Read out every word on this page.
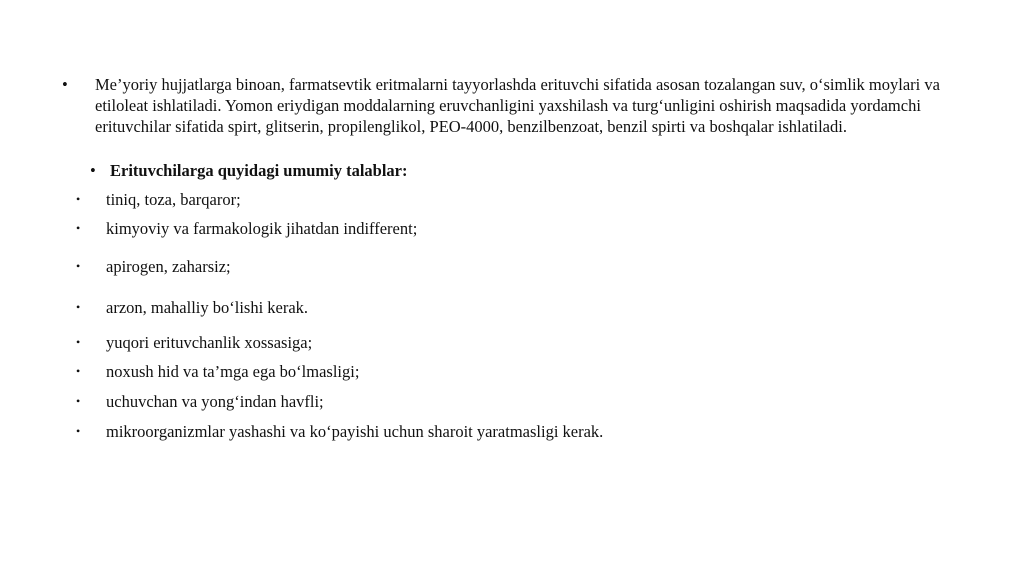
•	Me’yoriy hujjatlarga binoan, farmatsevtik eritmalarni tayyorlashda erituvchi sifatida asosan tozalangan suv, o‘simlik moylari va etiloleat ishlatiladi. Yomon eriydigan moddalarning eruvchanligini yaxshilash va turg‘unligini oshirish maqsadida yordamchi erituvchilar sifatida spirt, glitserin, propilenglikol, PEO-4000, benzilbenzoat, benzil spirti va boshqalar ishlatiladi.
• Erituvchilarga quyidagi umumiy talablar:
• tiniq, toza, barqaror;
• kimyoviy va farmakologik jihatdan indifferent;
• apirogen, zaharsiz;
• arzon, mahalliy bo‘lishi kerak.
• yuqori erituvchanlik xossasiga;
• noxush hid va ta’mga ega bo‘lmasligi;
• uchuvchan va yong‘indan havfli;
• mikroorganizmlar yashashi va ko‘payishi uchun sharoit yaratmasligi kerak.
